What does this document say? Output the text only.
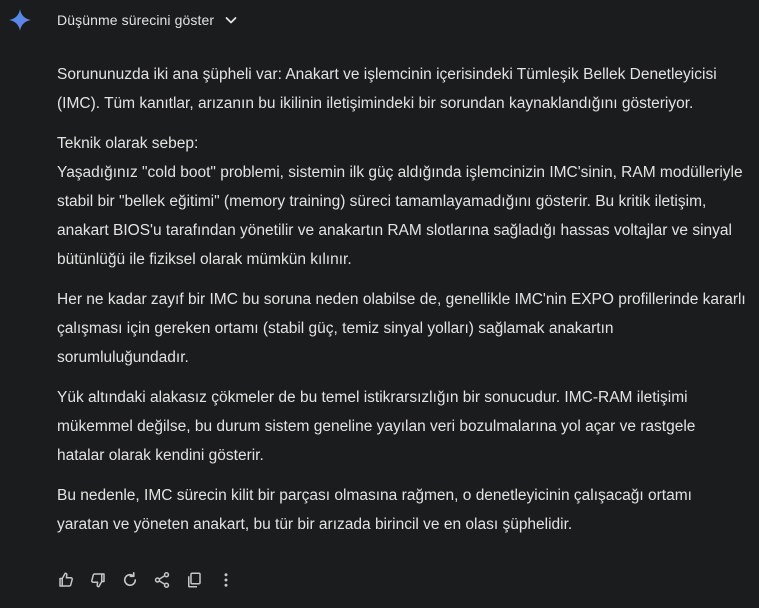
Düşünme sürecini göster

Sorununuzda iki ana şüpheli var: Anakart ve işlemcinin içerisindeki Tümleşik Bellek Denetleyicisi (IMC). Tüm kanıtlar, arızanın bu ikilinin iletişimindeki bir sorundan kaynaklandığını gösteriyor.

Teknik olarak sebep:

Yaşadığınız "cold boot" problemi, sistemin ilk güç aldığında işlemcinizin IMC'sinin, RAM modülleriyle stabil bir "bellek eğitimi" (memory training) süreci tamamlayamadığını gösterir. Bu kritik iletişim, anakart BIOS'u tarafından yönetilir ve anakartın RAM slotlarına sağladığı hassas voltajlar ve sinyal bütünlüğü ile fiziksel olarak mümkün kılınır.

Her ne kadar zayıf bir IMC bu soruna neden olabilse de, genellikle IMC'nin EXPO profillerinde kararlı çalışması için gereken ortamı (stabil güç, temiz sinyal yolları) sağlamak anakartın sorumluluğundadır.

Yük altındaki alakasız çökmeler de bu temel istikrarsızlığın bir sonucudur. IMC-RAM iletişimi mükemmel değilse, bu durum sistem geneline yayılan veri bozulmalarına yol açar ve rastgele hatalar olarak kendini gösterir.

Bu nedenle, IMC sürecin kilit bir parçası olmasına rağmen, o denetleyicinin çalışacağı ortamı yaratan ve yöneten anakart, bu tür bir arızada birincil ve en olası şüphelidir.
